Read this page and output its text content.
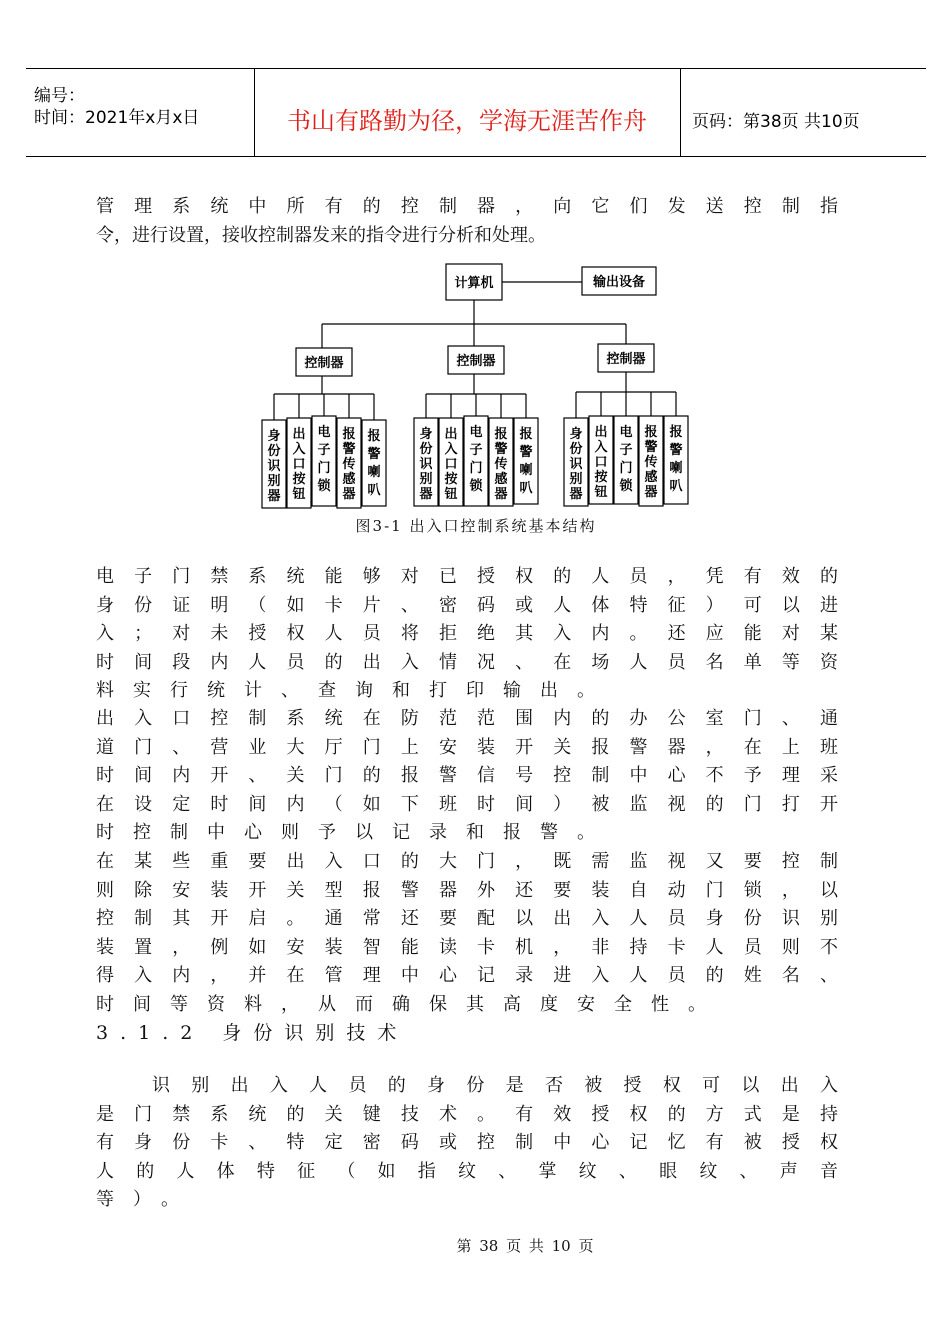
编号：
时间：2021年x月x日	书山有路勤为径，学海无涯苦作舟	页码：第38页 共10页
管理系统中所有的控制器，向它们发送控制指
令，进行设置，接收控制器发来的指令进行分析和处理。
计算机	输出设备
控制器	控制器	控制器
身份识别器
出入口按钮
电子门锁
报警传感器
报警喇叭
身份识别器
出入口按钮
电子门锁
报警传感器
报警喇叭
身份识别器
出入口按钮
电子门锁
报警传感器
报警喇叭
图3-1 出入口控制系统基本结构
电子门禁系统能够对已授权的人员，凭有效的
身份证明（如卡片、密码或人体特征）可以进
入；对未授权人员将拒绝其入内。还应能对某
时间段内人员的出入情况、在场人员名单等资
料实行统计、查询和打印输出。
出入口控制系统在防范范围内的办公室门、通
道门、营业大厅门上安装开关报警器，在上班
时间内开、关门的报警信号控制中心不予理采
在设定时间内（如下班时间）被监视的门打开
时控制中心则予以记录和报警。
在某些重要出入口的大门，既需监视又要控制
则除安装开关型报警器外还要装自动门锁，以
控制其开启。通常还要配以出入人员身份识别
装置，例如安装智能读卡机，非持卡人员则不
得入内，并在管理中心记录进入人员的姓名、
时间等资料，从而确保其高度安全性。
3.1.2 身份识别技术
识别出入人员的身份是否被授权可以出入
是门禁系统的关键技术。有效授权的方式是持
有身份卡、特定密码或控制中心记忆有被授权
人的人体特征（如指纹、掌纹、眼纹、声音
等）。
第 38 页 共 10 页
